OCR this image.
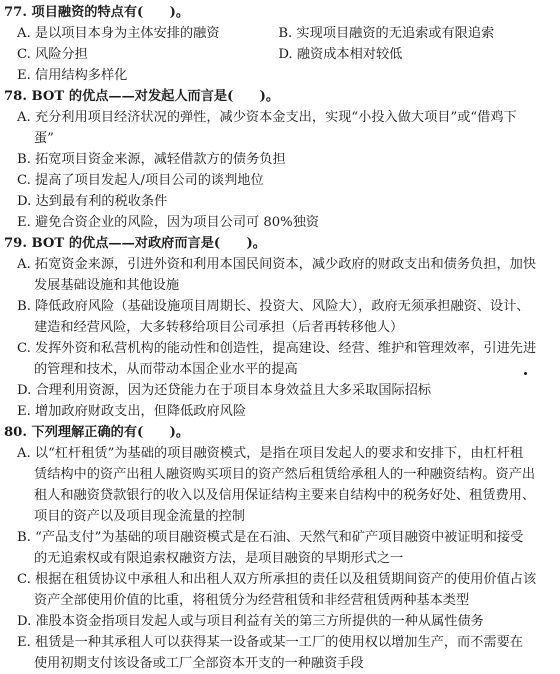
77. 项目融资的特点有(　　)。
A. 是以项目本身为主体安排的融资	B. 实现项目融资的无追索或有限追索
C. 风险分担	D. 融资成本相对较低
E. 信用结构多样化
78. BOT 的优点——对发起人而言是(　　)。
A. 充分利用项目经济状况的弹性，减少资本金支出，实现“小投入做大项目”或“借鸡下
蛋”
B. 拓宽项目资金来源，减轻借款方的债务负担
C. 提高了项目发起人/项目公司的谈判地位
D. 达到最有利的税收条件
E. 避免合资企业的风险，因为项目公司可 80%独资
79. BOT 的优点——对政府而言是(　　)。
A. 拓宽资金来源，引进外资和利用本国民间资本，减少政府的财政支出和债务负担，加快
发展基础设施和其他设施
B. 降低政府风险（基础设施项目周期长、投资大、风险大），政府无须承担融资、设计、
建造和经营风险，大多转移给项目公司承担（后者再转移他人）
C. 发挥外资和私营机构的能动性和创造性，提高建设、经营、维护和管理效率，引进先进
的管理和技术，从而带动本国企业水平的提高
D. 合理利用资源，因为还贷能力在于项目本身效益且大多采取国际招标
E. 增加政府财政支出，但降低政府风险
80. 下列理解正确的有(　　)。
A. 以“杠杆租赁”为基础的项目融资模式，是指在项目发起人的要求和安排下，由杠杆租
赁结构中的资产出租人融资购买项目的资产然后租赁给承租人的一种融资结构。资产出
租人和融资贷款银行的收入以及信用保证结构主要来自结构中的税务好处、租赁费用、
项目的资产以及项目现金流量的控制
B. “产品支付”为基础的项目融资模式是在石油、天然气和矿产项目融资中被证明和接受
的无追索权或有限追索权融资方法，是项目融资的早期形式之一
C. 根据在租赁协议中承租人和出租人双方所承担的责任以及租赁期间资产的使用价值占该
资产全部使用价值的比重，将租赁分为经营租赁和非经营租赁两种基本类型
D. 准股本资金指项目发起人或与项目利益有关的第三方所提供的一种从属性债务
E. 租赁是一种其承租人可以获得某一设备或某一工厂的使用权以增加生产，而不需要在
使用初期支付该设备或工厂全部资本开支的一种融资手段
